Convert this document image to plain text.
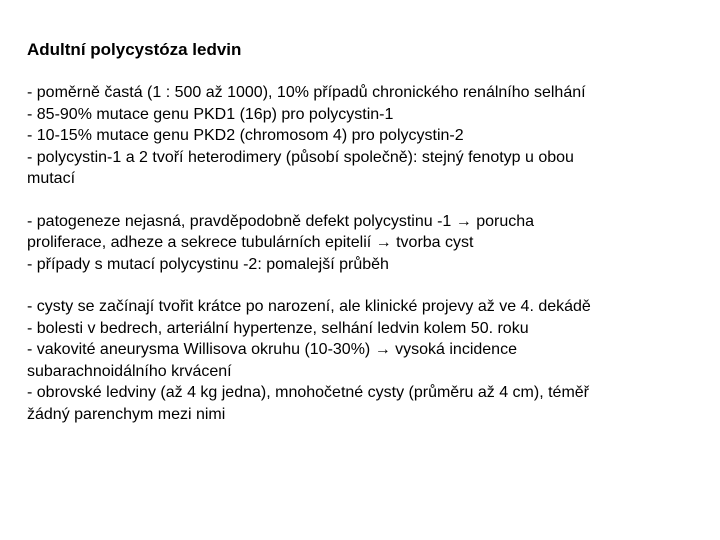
Adultní polycystóza ledvin
- poměrně častá (1 : 500 až 1000), 10% případů chronického renálního selhání
- 85-90% mutace genu PKD1 (16p) pro polycystin-1
- 10-15% mutace genu PKD2 (chromosom 4) pro polycystin-2
- polycystin-1 a 2 tvoří heterodimery (působí společně): stejný fenotyp u obou
mutací
- patogeneze nejasná, pravděpodobně defekt polycystinu -1 → porucha
proliferace, adheze a sekrece tubulárních epitelií → tvorba cyst
- případy s mutací polycystinu -2: pomalejší průběh
- cysty se začínají tvořit krátce po narození, ale klinické projevy až ve 4. dekádě
- bolesti v bedrech, arteriální hypertenze, selhání ledvin kolem 50. roku
- vakovité aneurysma Willisova okruhu (10-30%) → vysoká incidence
subarachnoidálního krvácení
- obrovské ledviny (až 4 kg jedna), mnohočetné cysty (průměru až 4 cm), téměř
žádný parenchym mezi nimi
